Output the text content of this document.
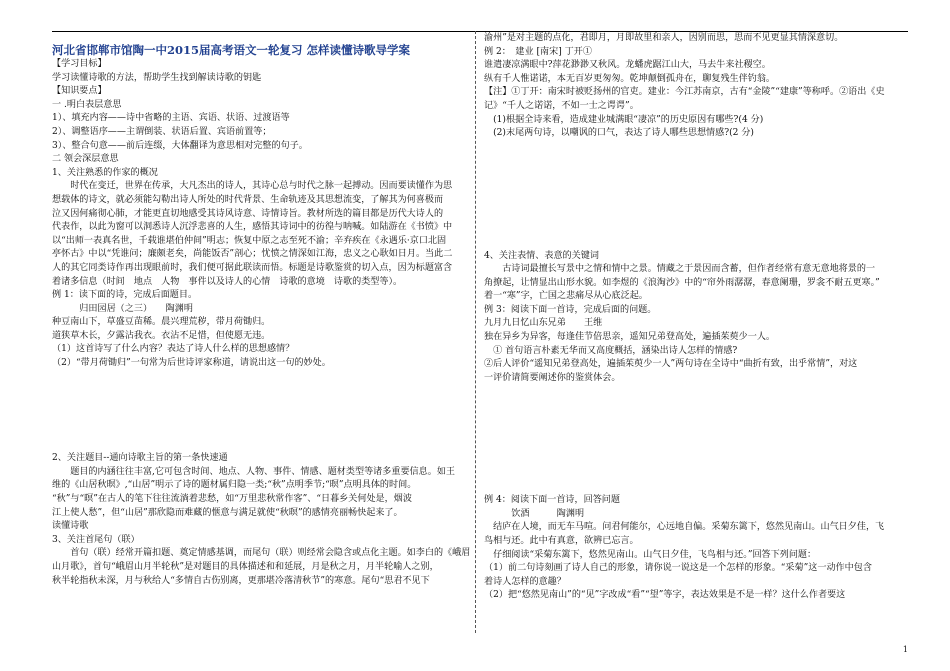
河北省邯郸市馆陶一中2015届高考语文一轮复习 怎样读懂诗歌导学案

【学习目标】

学习读懂诗歌的方法，帮助学生找到解读诗歌的钥匙

【知识要点】

一 .明白表层意思

1）、填充内容——诗中省略的主语、宾语、状语、过渡语等

2）、调整语序——主谓倒装、状语后置、宾语前置等；

3）、整合句意——前后连缀，大体翻译为意思相对完整的句子。

二 领会深层意思

1、关注熟悉的作家的概况

　　时代在变迁，世界在传承，大凡杰出的诗人，其诗心总与时代之脉一起搏动。因而要读懂作为思

想载体的诗文，就必须能勾勒出诗人所处的时代背景、生命轨迹及其思想流变，了解其为何喜极而

泣又因何痛彻心肺，才能更直切地感受其诗风诗意、诗情诗旨。教材所选的篇目都是历代大诗人的

代表作，以此为窗可以洞悉诗人沉浮悲喜的人生，感悟其诗词中的彷徨与呐喊。如陆游在《书愤》中

以“出师一表真名世，千载谁堪伯仲间”明志；恢复中原之志至死不渝；辛弃疾在《永遇乐·京口北固

亭怀古》中以“凭谁问；廉颇老矣，尚能饭否”剖心；忧愤之情深如江海，忠义之心耿如日月。当此二

人的其它同类诗作再出现眼前时，我们便可据此联读而悟。标题是诗歌鉴赏的切入点，因为标题富含

着诸多信息（时间　地点　人物　事件以及诗人的心情　诗歌的意境　诗歌的类型等）。

例 1：读下面的诗，完成后面题目。

　　　归田园居（之三）　　陶渊明

种豆南山下，草盛豆苗稀。晨兴理荒秽，带月荷锄归。

道狭草木长，夕露沾我衣。衣沾不足惜，但使愿无违。

（1）这首诗写了什么内容？表达了诗人什么样的思想感情？

（2）“带月荷锄归”一句常为后世诗评家称道，请说出这一句的妙处。

2、关注题目--通向诗歌主旨的第一条快速通

　　题目的内涵往往丰富,它可包含时间、地点、人物、事件、情感、题材类型等诸多重要信息。如王

维的《山居秋暝》,“山居”明示了诗的题材属归隐一类;“秋”点明季节;“暝”点明具体的时间。

“秋”与“暝”在古人的笔下往往流淌着悲愁，如“万里悲秋常作客”、“日暮乡关何处是，烟波

江上使人愁”，但“山居”那欣隐而难藏的惬意与满足就使“秋暝”的感情亮丽畅快起来了。

读懂诗歌

3、关注首尾句（联）

　　首句（联）经常开篇扣题、奠定情感基调，而尾句（联）则经常会隐含或点化主题。如李白的《峨眉

山月歌》，首句“峨眉山月半轮秋”是对题目的具体描述和和延展，月是秋之月，月半轮喻人之别，

秋半轮指秋未深，月与秋给人“多情自古伤别离，更那堪冷落清秋节”的寒意。尾句“思君不见下

渝州”是对主题的点化，君即月，月即故里和亲人，因别而思，思而不见更显其情深意切。

例 2：　建业 [南宋] 丁开①

谁遣凄凉满眼中?萍花渺渺又秋风。龙蟠虎踞江山大，马去牛来社稷空。

纵有千人惟诺诺，本无百岁更匆匆。乾坤颠倒孤舟在，聊复残生伴钓翁。

【注】①丁开：南宋时被贬扬州的官吏。建业：今江苏南京，古有“金陵”“建康”等称呼。②语出《史

记》“千人之诺诺，不如一士之谔谔”。

　(1)根据全诗来看，造成建业城满眼“凄凉”的历史原因有哪些?(4 分)

　(2)末尾两句诗，以嘲讽的口气，表达了诗人哪些思想情感?(2 分)

4、关注表情、表意的关键词

　　古诗词最擅长写景中之情和情中之景。情藏之于景因而含蓄，但作者经常有意无意地将景的一

角撩起，让情显出山形水貌。如李煜的《浪淘沙》中的“帘外雨潺潺，春意阑珊，罗衾不耐五更寒。”

着一“寒”字，亡国之悲痛尽从心底泛起。

例 3：阅读下面一首诗，完成后面的问题。

九月九日忆山东兄弟　　王维

独在异乡为异客，每逢佳节倍思亲，遥知兄弟登高处，遍插茱萸少一人。

　① 首句语言朴素无华而又高度概括，涵染出诗人怎样的情感?

②后人评价“遥知兄弟登高处，遍插茱萸少一人”两句诗在全诗中“曲折有致，出乎常情”，对这

一评价请简要阐述你的鉴赏体会。

例 4：阅读下面一首诗，回答问题

　　　饮酒　　　陶渊明

　结庐在人境，而无车马喧。问君何能尔，心远地自偏。采菊东篱下，悠然见南山。山气日夕佳，飞

鸟相与还。此中有真意，欲辨已忘言。

　仔细阅读“采菊东篱下，悠然见南山。山气日夕佳，飞鸟相与还。”回答下列问题：

（1）前二句诗刻画了诗人自己的形象，请你说一说这是一个怎样的形象。“采菊”这一动作中包含

着诗人怎样的意趣？

（2）把“悠然见南山”的“见”字改成“看”“望”等字，表达效果是不是一样？这什么作者要这

1
